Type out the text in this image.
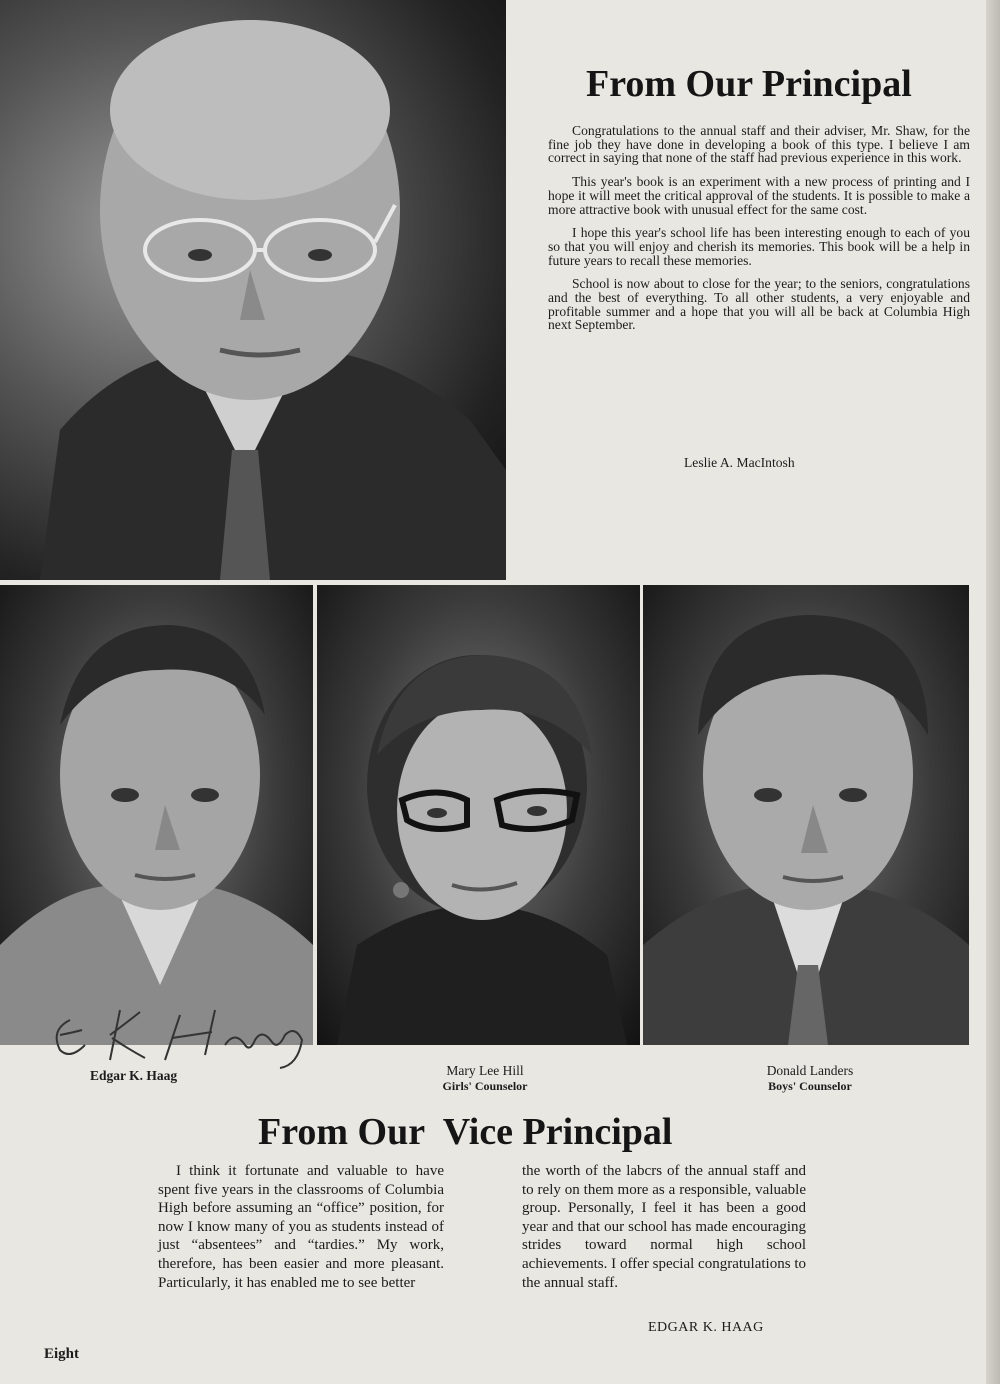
From Our Principal

Congratulations to the annual staff and their adviser, Mr. Shaw, for the fine job they have done in developing a book of this type. I believe I am correct in saying that none of the staff had previous experience in this work.

This year's book is an experiment with a new process of printing and I hope it will meet the critical approval of the students. It is possible to make a more attractive book with unusual effect for the same cost.

I hope this year's school life has been interesting enough to each of you so that you will enjoy and cherish its memories. This book will be a help in future years to recall these memories.

School is now about to close for the year; to the seniors, congratulations and the best of everything. To all other students, a very enjoyable and profitable summer and a hope that you will all be back at Columbia High next September.

Leslie A. MacIntosh
Edgar K. Haag	Mary Lee Hill
Girls' Counselor
Donald Landers
Boys' Counselor
From Our  Vice Principal

I think it fortunate and valuable to have spent five years in the classrooms of Columbia High before assuming an “office” position, for now I know many of you as students instead of just “absentees” and “tardies.” My work, therefore, has been easier and more pleasant. Particularly, it has enabled me to see better

the worth of the labcrs of the annual staff and to rely on them more as a responsible, valuable group. Personally, I feel it has been a good year and that our school has made encouraging strides toward normal high school achievements. I offer special congratulations to the annual staff.

EDGAR K. HAAG
Eight
